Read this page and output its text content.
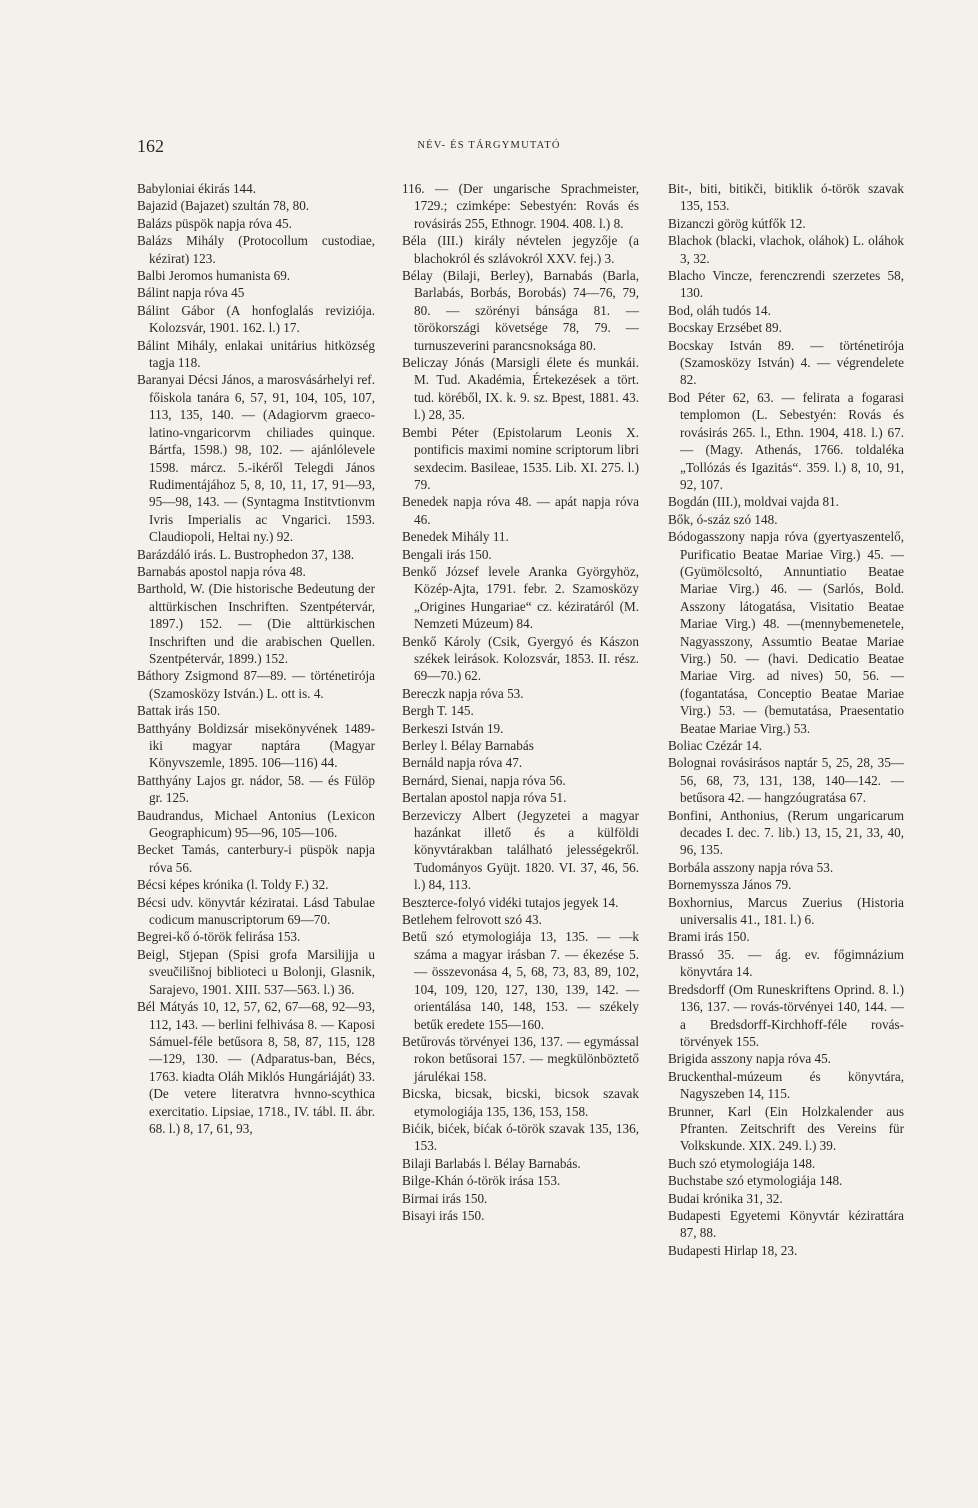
162	NÉV- ÉS TÁRGYMUTATÓ

Babyloniai ékirás 144.

Bajazid (Bajazet) szultán 78, 80.

Balázs püspök napja róva 45.

Balázs Mihály (Protocollum custodiae, kézirat) 123.

Balbi Jeromos humanista 69.

Bálint napja róva 45

Bálint Gábor (A honfoglalás reviziója. Kolozsvár, 1901. 162. l.) 17.

Bálint Mihály, enlakai unitárius hitközség tagja 118.

Baranyai Décsi János, a marosvásárhelyi ref. főiskola tanára 6, 57, 91, 104, 105, 107, 113, 135, 140. — (Adagiorvm graeco-latino-vngaricorvm chiliades quinque. Bártfa, 1598.) 98, 102. — ajánlólevele 1598. márcz. 5.-ikéről Telegdi János Rudimentájához 5, 8, 10, 11, 17, 91—93, 95—98, 143. — (Syntagma Institvtionvm Ivris Imperialis ac Vngarici. 1593. Claudiopoli, Heltai ny.) 92.

Barázdáló irás. L. Bustrophedon 37, 138.

Barnabás apostol napja róva 48.

Barthold, W. (Die historische Bedeutung der alttürkischen Inschriften. Szentpétervár, 1897.) 152. — (Die alttürkischen Inschriften und die arabischen Quellen. Szentpétervár, 1899.) 152.

Báthory Zsigmond 87—89. — történetirója (Szamosközy István.) L. ott is. 4.

Battak irás 150.

Batthyány Boldizsár misekönyvének 1489-iki magyar naptára (Magyar Könyvszemle, 1895. 106—116) 44.

Batthyány Lajos gr. nádor, 58. — és Fülöp gr. 125.

Baudrandus, Michael Antonius (Lexicon Geographicum) 95—96, 105—106.

Becket Tamás, canterbury-i püspök napja róva 56.

Bécsi képes krónika (l. Toldy F.) 32.

Bécsi udv. könyvtár kéziratai. Lásd Tabulae codicum manuscriptorum 69—70.

Begrei-kő ó-török felirása 153.

Beigl, Stjepan (Spisi grofa Marsilijja u sveučilišnoj biblioteci u Bolonji, Glasnik, Sarajevo, 1901. XIII. 537—563. l.) 36.

Bél Mátyás 10, 12, 57, 62, 67—68, 92—93, 112, 143. — berlini felhivása 8. — Kaposi Sámuel-féle betűsora 8, 58, 87, 115, 128—129, 130. — (Adparatus-ban, Bécs, 1763. kiadta Oláh Miklós Hungáriáját) 33. (De vetere literatvra hvnno-scythica exercitatio. Lipsiae, 1718., IV. tábl. II. ábr. 68. l.) 8, 17, 61, 93,

116. — (Der ungarische Sprachmeister, 1729.; czimképe: Sebestyén: Rovás és rovásirás 255, Ethnogr. 1904. 408. l.) 8.

Béla (III.) király névtelen jegyzője (a blachokról és szlávokról XXV. fej.) 3.

Bélay (Bilaji, Berley), Barnabás (Barla, Barlabás, Borbás, Borobás) 74—76, 79, 80. — szörényi bánsága 81. — törökországi követsége 78, 79. — turnuszeverini parancsnoksága 80.

Beliczay Jónás (Marsigli élete és munkái. M. Tud. Akadémia, Értekezések a tört. tud. köréből, IX. k. 9. sz. Bpest, 1881. 43. l.) 28, 35.

Bembi Péter (Epistolarum Leonis X. pontificis maximi nomine scriptorum libri sexdecim. Basileae, 1535. Lib. XI. 275. l.) 79.

Benedek napja róva 48. — apát napja róva 46.

Benedek Mihály 11.

Bengali irás 150.

Benkő József levele Aranka Györgyhöz, Közép-Ajta, 1791. febr. 2. Szamosközy „Origines Hungariae“ cz. kéziratáról (M. Nemzeti Múzeum) 84.

Benkő Károly (Csik, Gyergyó és Kászon székek leirások. Kolozsvár, 1853. II. rész. 69—70.) 62.

Bereczk napja róva 53.

Bergh T. 145.

Berkeszi István 19.

Berley l. Bélay Barnabás

Bernáld napja róva 47.

Bernárd, Sienai, napja róva 56.

Bertalan apostol napja róva 51.

Berzeviczy Albert (Jegyzetei a magyar hazánkat illető és a külföldi könyvtárakban található jelességekről. Tudományos Gyüjt. 1820. VI. 37, 46, 56. l.) 84, 113.

Beszterce-folyó vidéki tutajos jegyek 14.

Betlehem felrovott szó 43.

Betű szó etymologiája 13, 135. — —k száma a magyar irásban 7. — ékezése 5. — összevonása 4, 5, 68, 73, 83, 89, 102, 104, 109, 120, 127, 130, 139, 142. — orientálása 140, 148, 153. — székely betűk eredete 155—160.

Betűrovás törvényei 136, 137. — egymással rokon betűsorai 157. — megkülönböztető járulékai 158.

Bicska, bicsak, bicski, bicsok szavak etymologiája 135, 136, 153, 158.

Bićik, bićek, bićak ó-török szavak 135, 136, 153.

Bilaji Barlabás l. Bélay Barnabás.

Bilge-Khán ó-török irása 153.

Birmai irás 150.

Bisayi irás 150.

Bit-, biti, bitikči, bitiklik ó-török szavak 135, 153.

Bizanczi görög kútfők 12.

Blachok (blacki, vlachok, oláhok) L. oláhok 3, 32.

Blacho Vincze, ferenczrendi szerzetes 58, 130.

Bod, oláh tudós 14.

Bocskay Erzsébet 89.

Bocskay István 89. — történetirója (Szamosközy István) 4. — végrendelete 82.

Bod Péter 62, 63. — felirata a fogarasi templomon (L. Sebestyén: Rovás és rovásirás 265. l., Ethn. 1904, 418. l.) 67. — (Magy. Athenás, 1766. toldaléka „Tollózás és Igazitás“. 359. l.) 8, 10, 91, 92, 107.

Bogdán (III.), moldvai vajda 81.

Bők, ó-száz szó 148.

Bódogasszony napja róva (gyertyaszentelő, Purificatio Beatae Mariae Virg.) 45. — (Gyümölcsoltó, Annuntiatio Beatae Mariae Virg.) 46. — (Sarlós, Bold. Asszony látogatása, Visitatio Beatae Mariae Virg.) 48. —(mennybemenetele, Nagyasszony, Assumtio Beatae Mariae Virg.) 50. — (havi. Dedicatio Beatae Mariae Virg. ad nives) 50, 56. — (fogantatása, Conceptio Beatae Mariae Virg.) 53. — (bemutatása, Praesentatio Beatae Mariae Virg.) 53.

Boliac Czézár 14.

Bolognai rovásirásos naptár 5, 25, 28, 35—56, 68, 73, 131, 138, 140—142. — betűsora 42. — hangzóugratása 67.

Bonfini, Anthonius, (Rerum ungaricarum decades I. dec. 7. lib.) 13, 15, 21, 33, 40, 96, 135.

Borbála asszony napja róva 53.

Bornemyssza János 79.

Boxhornius, Marcus Zuerius (Historia universalis 41., 181. l.) 6.

Brami irás 150.

Brassó 35. — ág. ev. főgimnázium könyvtára 14.

Bredsdorff (Om Runeskriftens Oprind. 8. l.) 136, 137. — rovás-törvényei 140, 144. — a Bredsdorff-Kirchhoff-féle rovás-törvények 155.

Brigida asszony napja róva 45.

Bruckenthal-múzeum és könyvtára, Nagyszeben 14, 115.

Brunner, Karl (Ein Holzkalender aus Pfranten. Zeitschrift des Vereins für Volkskunde. XIX. 249. l.) 39.

Buch szó etymologiája 148.

Buchstabe szó etymologiája 148.

Budai krónika 31, 32.

Budapesti Egyetemi Könyvtár kézirattára 87, 88.

Budapesti Hirlap 18, 23.
